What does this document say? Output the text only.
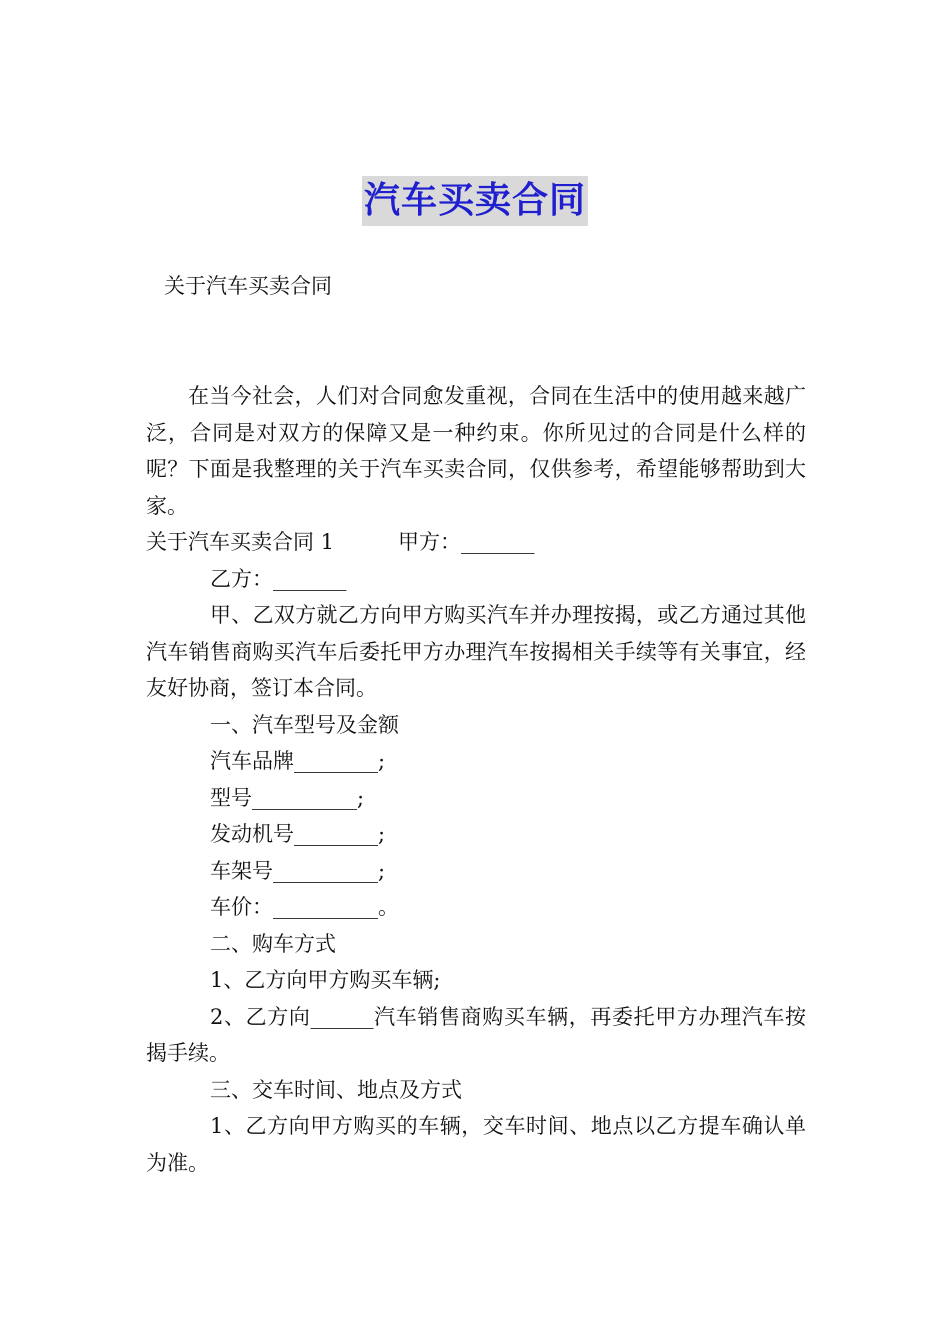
汽车买卖合同
关于汽车买卖合同

在当今社会，人们对合同愈发重视，合同在生活中的使用越来越广泛，合同是对双方的保障又是一种约束。你所见过的合同是什么样的呢？下面是我整理的关于汽车买卖合同，仅供参考，希望能够帮助到大家。

关于汽车买卖合同 1	甲方：_______

乙方：_______

甲、乙双方就乙方向甲方购买汽车并办理按揭，或乙方通过其他汽车销售商购买汽车后委托甲方办理汽车按揭相关手续等有关事宜，经友好协商，签订本合同。

一、汽车型号及金额

汽车品牌________;

型号__________;

发动机号________;

车架号__________;

车价：__________。

二、购车方式

1、乙方向甲方购买车辆;

2、乙方向______汽车销售商购买车辆，再委托甲方办理汽车按揭手续。

三、交车时间、地点及方式

1、乙方向甲方购买的车辆，交车时间、地点以乙方提车确认单为准。
